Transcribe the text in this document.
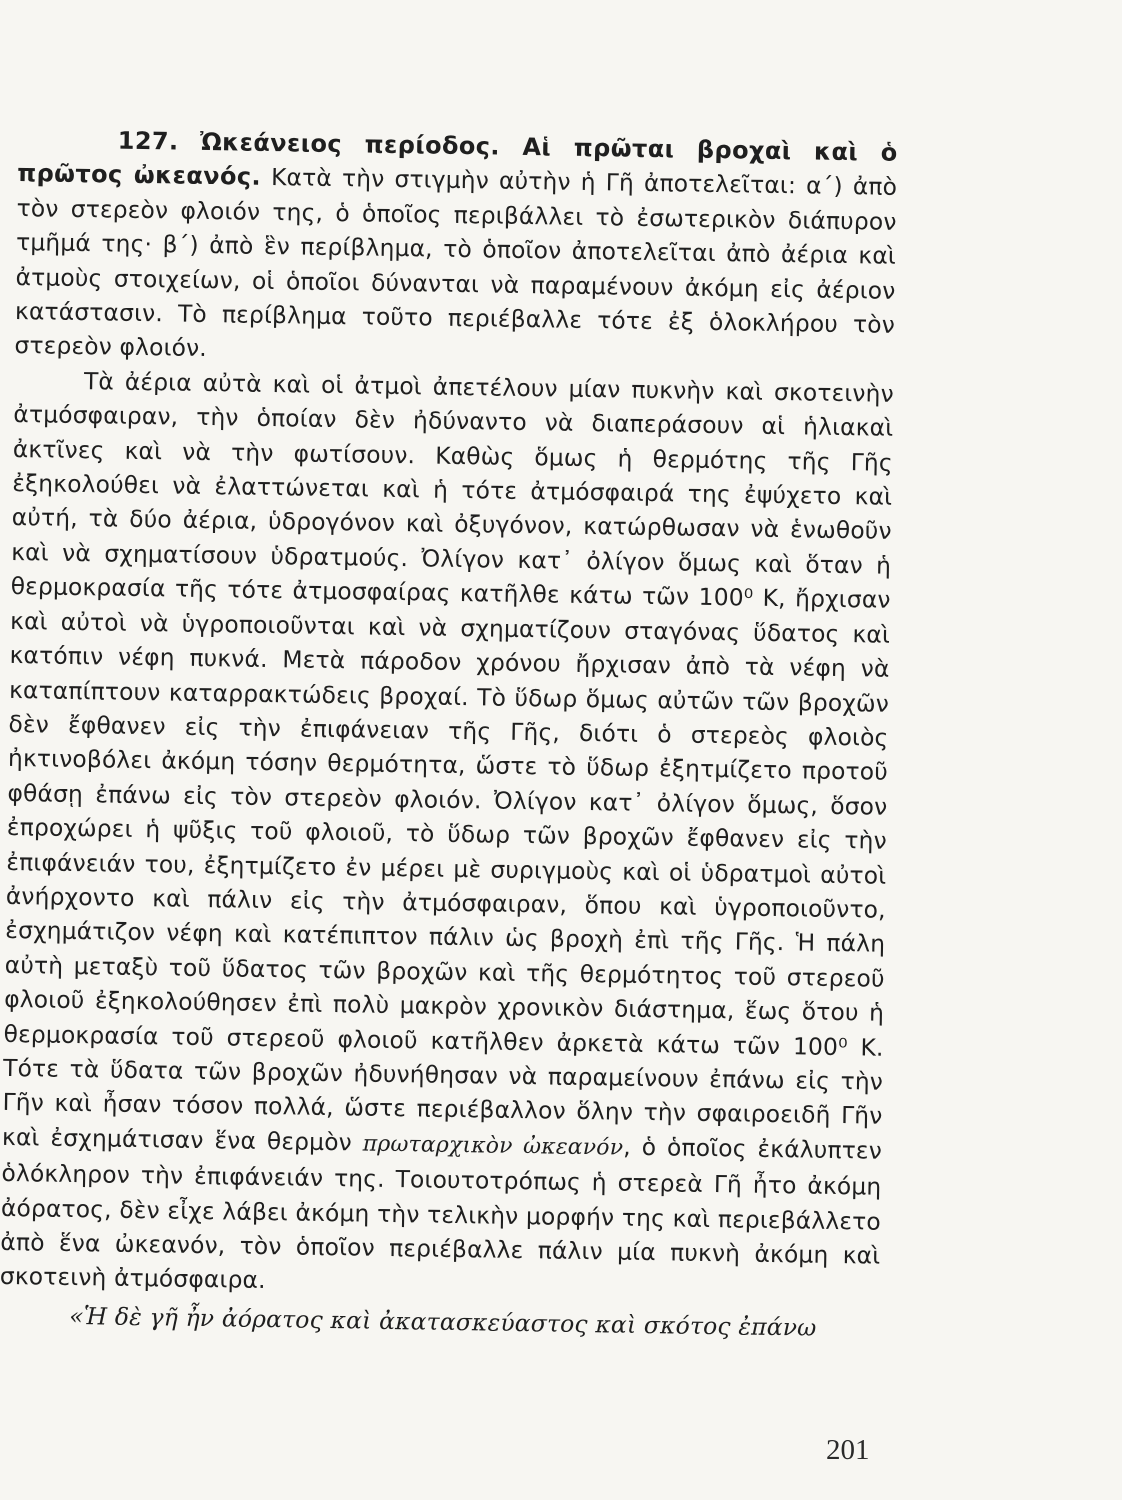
127. Ὠκεάνειος περίοδος. Αἱ πρῶται βροχαὶ καὶ ὁ πρῶτος ὠκεανός. Κατὰ τὴν στιγμὴν αὐτὴν ἡ Γῆ ἀποτελεῖται: α΄) ἀπὸ τὸν στερεὸν φλοιόν της, ὁ ὁποῖος περιβάλλει τὸ ἐσωτερικὸν διάπυρον τμῆμά της· β΄) ἀπὸ ἓν περίβλημα, τὸ ὁποῖον ἀποτελεῖται ἀπὸ ἀέρια καὶ ἀτμοὺς στοιχείων, οἱ ὁποῖοι δύνανται νὰ παραμένουν ἀκόμη εἰς ἀέριον κατάστασιν. Τὸ περίβλημα τοῦτο περιέβαλλε τότε ἐξ ὁλοκλήρου τὸν στερεὸν φλοιόν.

Τὰ ἀέρια αὐτὰ καὶ οἱ ἀτμοὶ ἀπετέλουν μίαν πυκνὴν καὶ σκοτεινὴν ἀτμόσφαιραν, τὴν ὁποίαν δὲν ἠδύναντο νὰ διαπεράσουν αἱ ἡλιακαὶ ἀκτῖνες καὶ νὰ τὴν φωτίσουν. Καθὼς ὅμως ἡ θερμότης τῆς Γῆς ἐξηκολούθει νὰ ἐλαττώνεται καὶ ἡ τότε ἀτμόσφαιρά της ἐψύχετο καὶ αὐτή, τὰ δύο ἀέρια, ὑδρογόνον καὶ ὀξυγόνον, κατώρθωσαν νὰ ἑνωθοῦν καὶ νὰ σχηματίσουν ὑδρατμούς. Ὀλίγον κατ᾽ ὀλίγον ὅμως καὶ ὅταν ἡ θερμοκρασία τῆς τότε ἀτμοσφαίρας κατῆλθε κάτω τῶν 100⁰ Κ, ἤρχισαν καὶ αὐτοὶ νὰ ὑγροποιοῦνται καὶ νὰ σχηματίζουν σταγόνας ὕδατος καὶ κατόπιν νέφη πυκνά. Μετὰ πάροδον χρόνου ἤρχισαν ἀπὸ τὰ νέφη νὰ καταπίπτουν καταρρακτώδεις βροχαί. Τὸ ὕδωρ ὅμως αὐτῶν τῶν βροχῶν δὲν ἔφθανεν εἰς τὴν ἐπιφάνειαν τῆς Γῆς, διότι ὁ στερεὸς φλοιὸς ἠκτινοβόλει ἀκόμη τόσην θερμότητα, ὥστε τὸ ὕδωρ ἐξητμίζετο προτοῦ φθάσῃ ἐπάνω εἰς τὸν στερεὸν φλοιόν. Ὀλίγον κατ᾽ ὀλίγον ὅμως, ὅσον ἐπροχώρει ἡ ψῦξις τοῦ φλοιοῦ, τὸ ὕδωρ τῶν βροχῶν ἔφθανεν εἰς τὴν ἐπιφάνειάν του, ἐξητμίζετο ἐν μέρει μὲ συριγμοὺς καὶ οἱ ὑδρατμοὶ αὐτοὶ ἀνήρχοντο καὶ πάλιν εἰς τὴν ἀτμόσφαιραν, ὅπου καὶ ὑγροποιοῦντο, ἐσχημάτιζον νέφη καὶ κατέπιπτον πάλιν ὡς βροχὴ ἐπὶ τῆς Γῆς. Ἡ πάλη αὐτὴ μεταξὺ τοῦ ὕδατος τῶν βροχῶν καὶ τῆς θερμότητος τοῦ στερεοῦ φλοιοῦ ἐξηκολούθησεν ἐπὶ πολὺ μακρὸν χρονικὸν διάστημα, ἕως ὅτου ἡ θερμοκρασία τοῦ στερεοῦ φλοιοῦ κατῆλθεν ἀρκετὰ κάτω τῶν 100⁰ Κ. Τότε τὰ ὕδατα τῶν βροχῶν ἠδυνήθησαν νὰ παραμείνουν ἐπάνω εἰς τὴν Γῆν καὶ ἦσαν τόσον πολλά, ὥστε περιέβαλλον ὅλην τὴν σφαιροειδῆ Γῆν καὶ ἐσχημάτισαν ἕνα θερμὸν πρωταρχικὸν ὠκεανόν, ὁ ὁποῖος ἐκάλυπτεν ὁλόκληρον τὴν ἐπιφάνειάν της. Τοιουτοτρόπως ἡ στερεὰ Γῆ ἦτο ἀκόμη ἀόρατος, δὲν εἶχε λάβει ἀκόμη τὴν τελικὴν μορφήν της καὶ περιεβάλλετο ἀπὸ ἕνα ὠκεανόν, τὸν ὁποῖον περιέβαλλε πάλιν μία πυκνὴ ἀκόμη καὶ σκοτεινὴ ἀτμόσφαιρα.

«Ἡ δὲ γῆ ἦν ἀόρατος καὶ ἀκατασκεύαστος καὶ σκότος ἐπάνω

201
